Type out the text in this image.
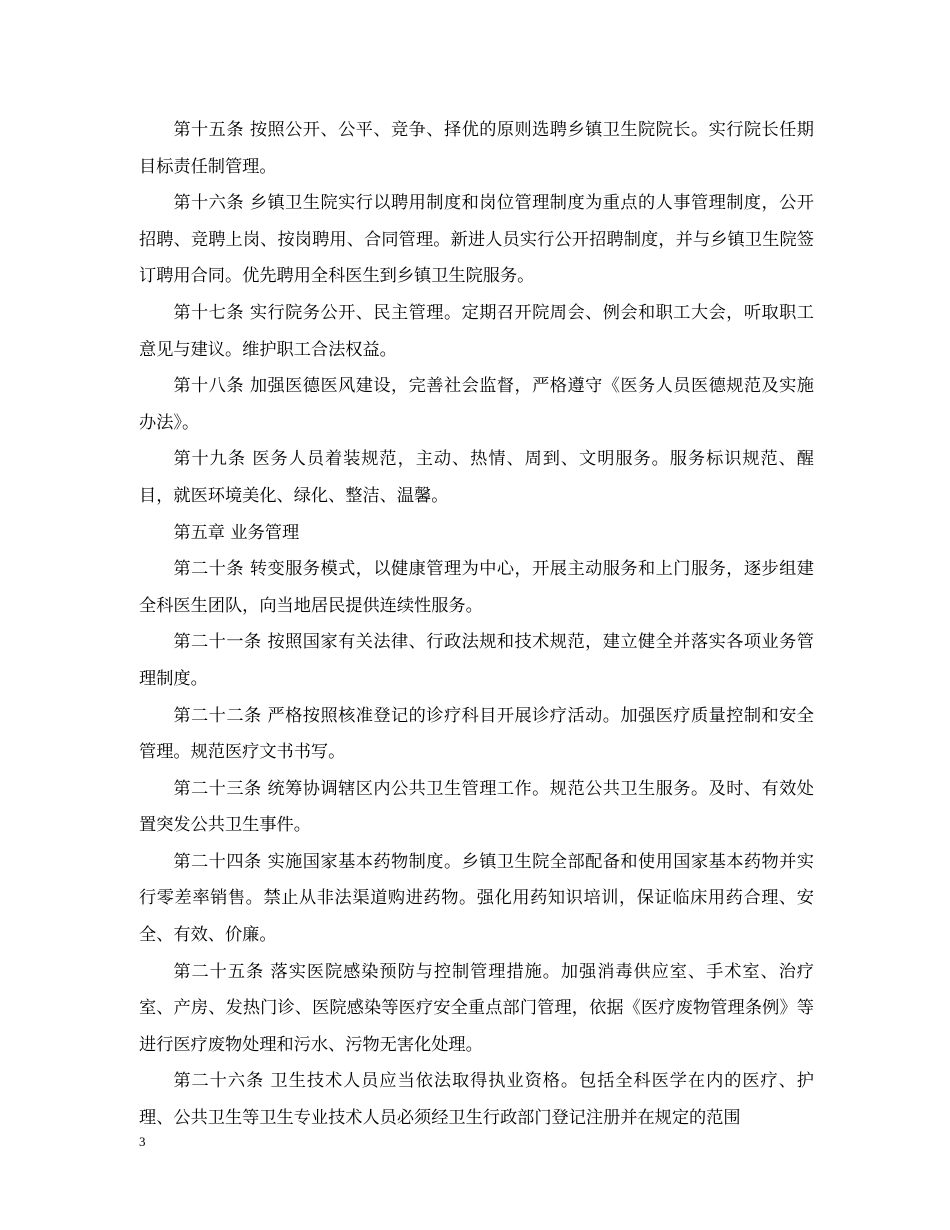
第十五条 按照公开、公平、竞争、择优的原则选聘乡镇卫生院院长。实行院长任期目标责任制管理。

第十六条 乡镇卫生院实行以聘用制度和岗位管理制度为重点的人事管理制度，公开招聘、竞聘上岗、按岗聘用、合同管理。新进人员实行公开招聘制度，并与乡镇卫生院签订聘用合同。优先聘用全科医生到乡镇卫生院服务。

第十七条 实行院务公开、民主管理。定期召开院周会、例会和职工大会，听取职工意见与建议。维护职工合法权益。

第十八条 加强医德医风建设，完善社会监督，严格遵守《医务人员医德规范及实施办法》。

第十九条 医务人员着装规范，主动、热情、周到、文明服务。服务标识规范、醒目，就医环境美化、绿化、整洁、温馨。

第五章 业务管理

第二十条 转变服务模式，以健康管理为中心，开展主动服务和上门服务，逐步组建全科医生团队，向当地居民提供连续性服务。

第二十一条 按照国家有关法律、行政法规和技术规范，建立健全并落实各项业务管理制度。

第二十二条 严格按照核准登记的诊疗科目开展诊疗活动。加强医疗质量控制和安全管理。规范医疗文书书写。

第二十三条 统筹协调辖区内公共卫生管理工作。规范公共卫生服务。及时、有效处置突发公共卫生事件。

第二十四条 实施国家基本药物制度。乡镇卫生院全部配备和使用国家基本药物并实行零差率销售。禁止从非法渠道购进药物。强化用药知识培训，保证临床用药合理、安全、有效、价廉。

第二十五条 落实医院感染预防与控制管理措施。加强消毒供应室、手术室、治疗室、产房、发热门诊、医院感染等医疗安全重点部门管理，依据《医疗废物管理条例》等进行医疗废物处理和污水、污物无害化处理。

第二十六条 卫生技术人员应当依法取得执业资格。包括全科医学在内的医疗、护理、公共卫生等卫生专业技术人员必须经卫生行政部门登记注册并在规定的范围

3
